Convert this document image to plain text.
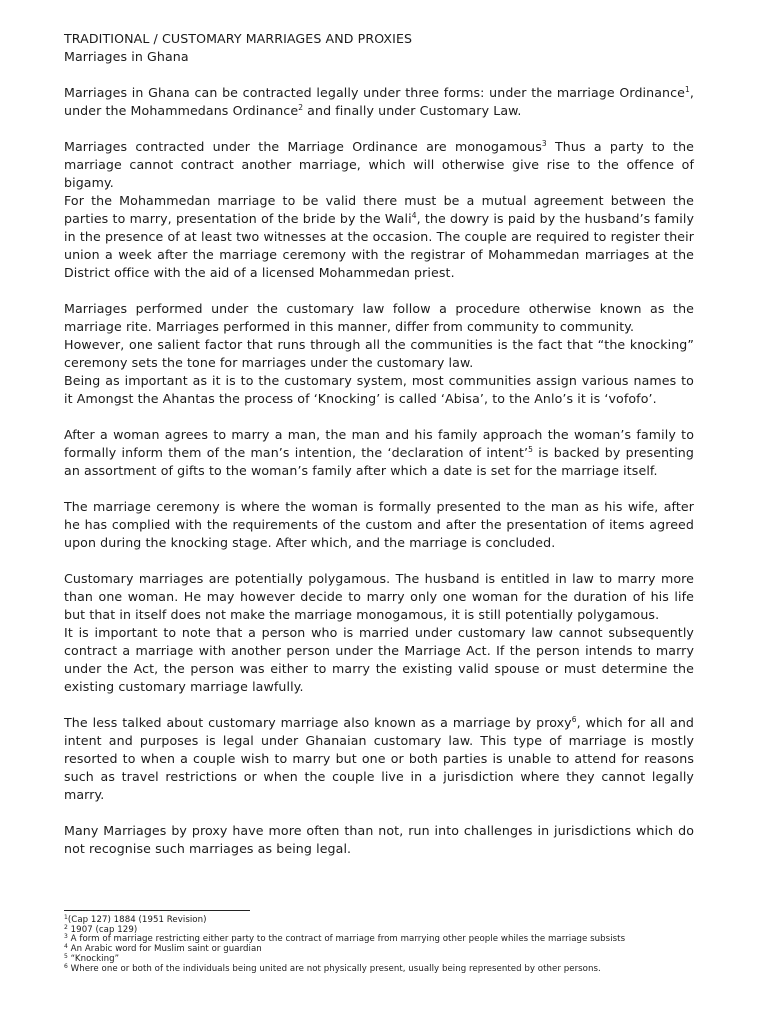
TRADITIONAL / CUSTOMARY MARRIAGES AND PROXIES

Marriages in Ghana

Marriages in Ghana can be contracted legally under three forms: under the marriage Ordinance$^1$, under the Mohammedans Ordinance$^2$ and finally under Customary Law.

Marriages contracted under the Marriage Ordinance are monogamous$^3$ Thus a party to the marriage cannot contract another marriage, which will otherwise give rise to the offence of bigamy.

For the Mohammedan marriage to be valid there must be a mutual agreement between the parties to marry, presentation of the bride by the Wali$^4$, the dowry is paid by the husband’s family in the presence of at least two witnesses at the occasion. The couple are required to register their union a week after the marriage ceremony with the registrar of Mohammedan marriages at the District office with the aid of a licensed Mohammedan priest.

Marriages performed under the customary law follow a procedure otherwise known as the marriage rite. Marriages performed in this manner, differ from community to community.

However, one salient factor that runs through all the communities is the fact that “the knocking” ceremony sets the tone for marriages under the customary law.

Being as important as it is to the customary system, most communities assign various names to it Amongst the Ahantas the process of ‘Knocking’ is called ‘Abisa’, to the Anlo’s it is ‘vofofo’.

After a woman agrees to marry a man, the man and his family approach the woman’s family to formally inform them of the man’s intention, the ‘declaration of intent’$^5$ is backed by presenting an assortment of gifts to the woman’s family after which a date is set for the marriage itself.

The marriage ceremony is where the woman is formally presented to the man as his wife, after he has complied with the requirements of the custom and after the presentation of items agreed upon during the knocking stage. After which, and the marriage is concluded.

Customary marriages are potentially polygamous. The husband is entitled in law to marry more than one woman. He may however decide to marry only one woman for the duration of his life but that in itself does not make the marriage monogamous, it is still potentially polygamous.

It is important to note that a person who is married under customary law cannot subsequently contract a marriage with another person under the Marriage Act. If the person intends to marry under the Act, the person was either to marry the existing valid spouse or must determine the existing customary marriage lawfully.

The less talked about customary marriage also known as a marriage by proxy$^6$, which for all and intent and purposes is legal under Ghanaian customary law. This type of marriage is mostly resorted to when a couple wish to marry but one or both parties is unable to attend for reasons such as travel restrictions or when the couple live in a jurisdiction where they cannot legally marry.

Many Marriages by proxy have more often than not, run into challenges in jurisdictions which do not recognise such marriages as being legal.

$^1$(Cap 127) 1884 (1951 Revision)

$^2$ 1907 (cap 129)

$^3$ A form of marriage restricting either party to the contract of marriage from marrying other people whiles the marriage subsists

$^4$ An Arabic word for Muslim saint or guardian

$^5$ “Knocking”

$^6$ Where one or both of the individuals being united are not physically present, usually being represented by other persons.
